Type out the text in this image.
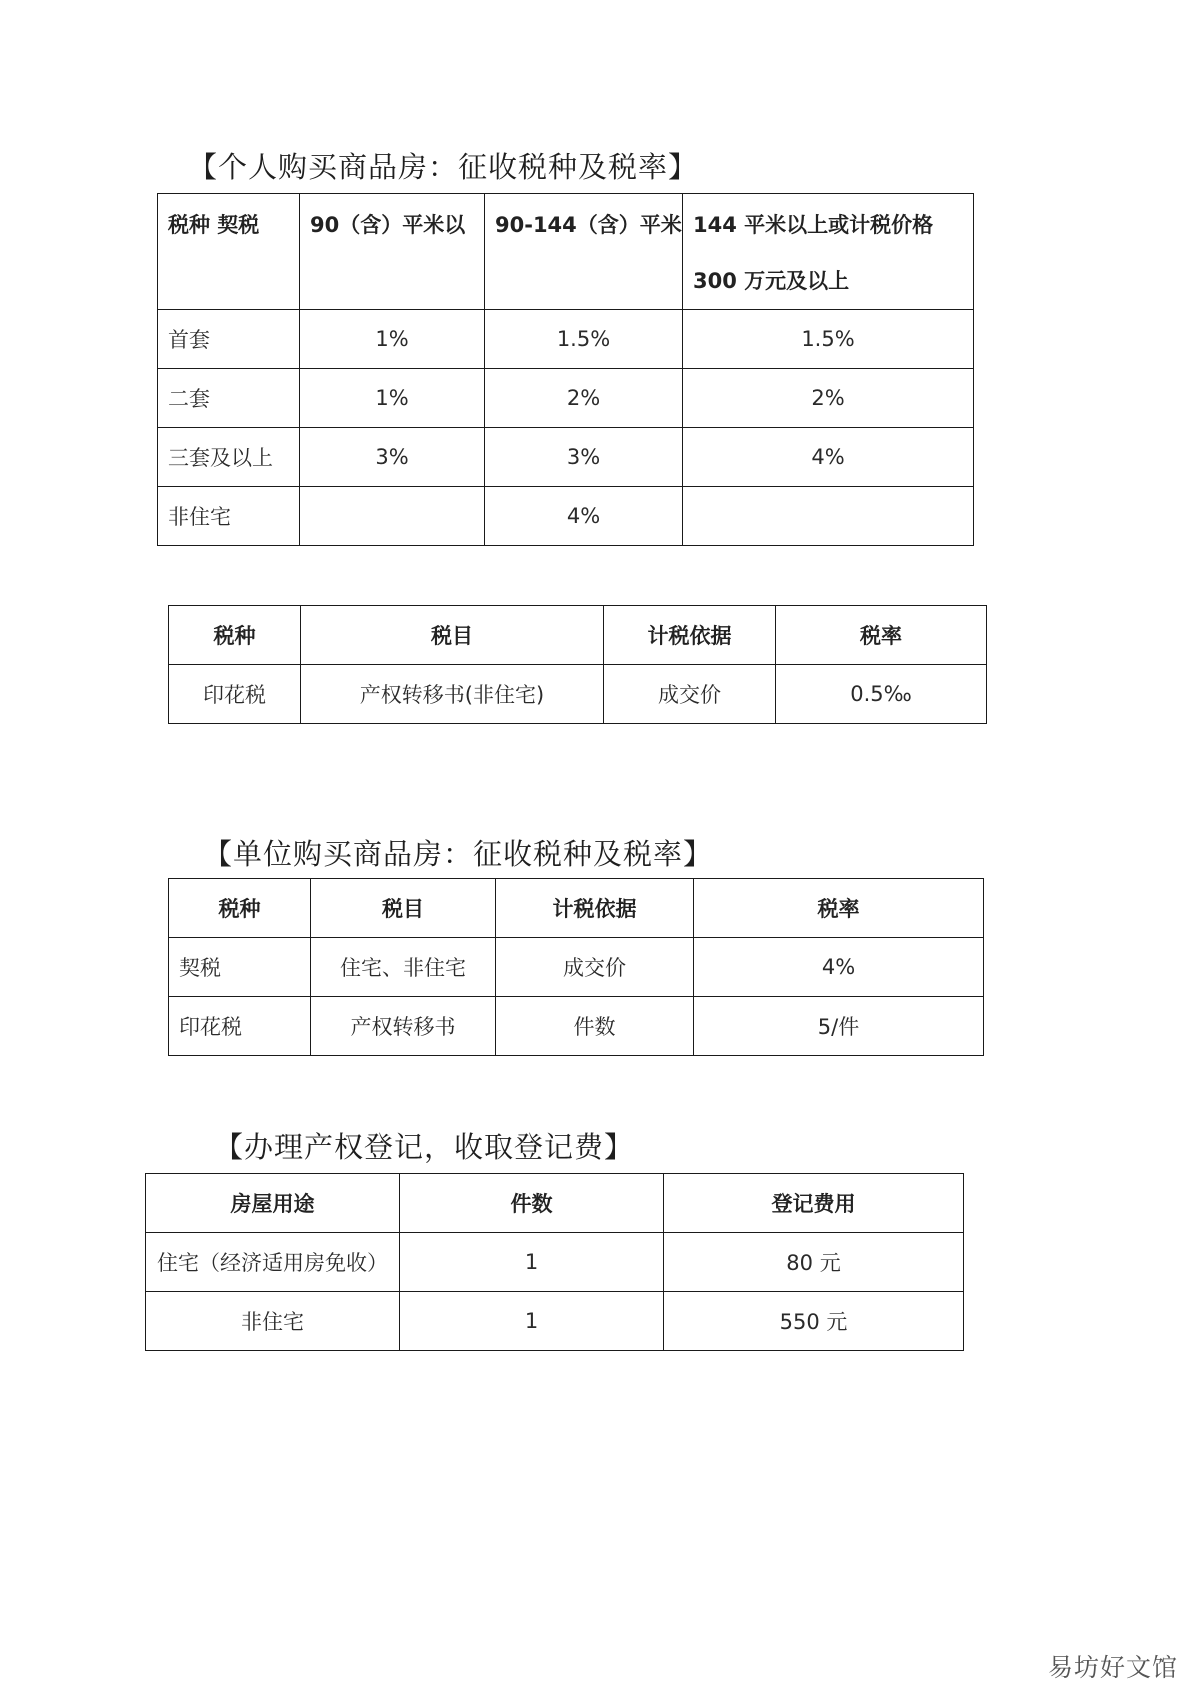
【个人购买商品房：征收税种及税率】
税种 契税	90（含）平米以	90-144（含）平米	144 平米以上或计税价格
300 万元及以上

首套	1%	1.5%	1.5%
二套	1%	2%	2%
三套及以上	3%	3%	4%
非住宅		4%	
税种	税目	计税依据	税率
印花税	产权转移书(非住宅)	成交价	0.5‰
【单位购买商品房：征收税种及税率】
税种	税目	计税依据	税率
契税	住宅、非住宅	成交价	4%
印花税	产权转移书	件数	5/件
【办理产权登记，收取登记费】
房屋用途	件数	登记费用
住宅（经济适用房免收）	1	80 元
非住宅	1	550 元
易坊好文馆
